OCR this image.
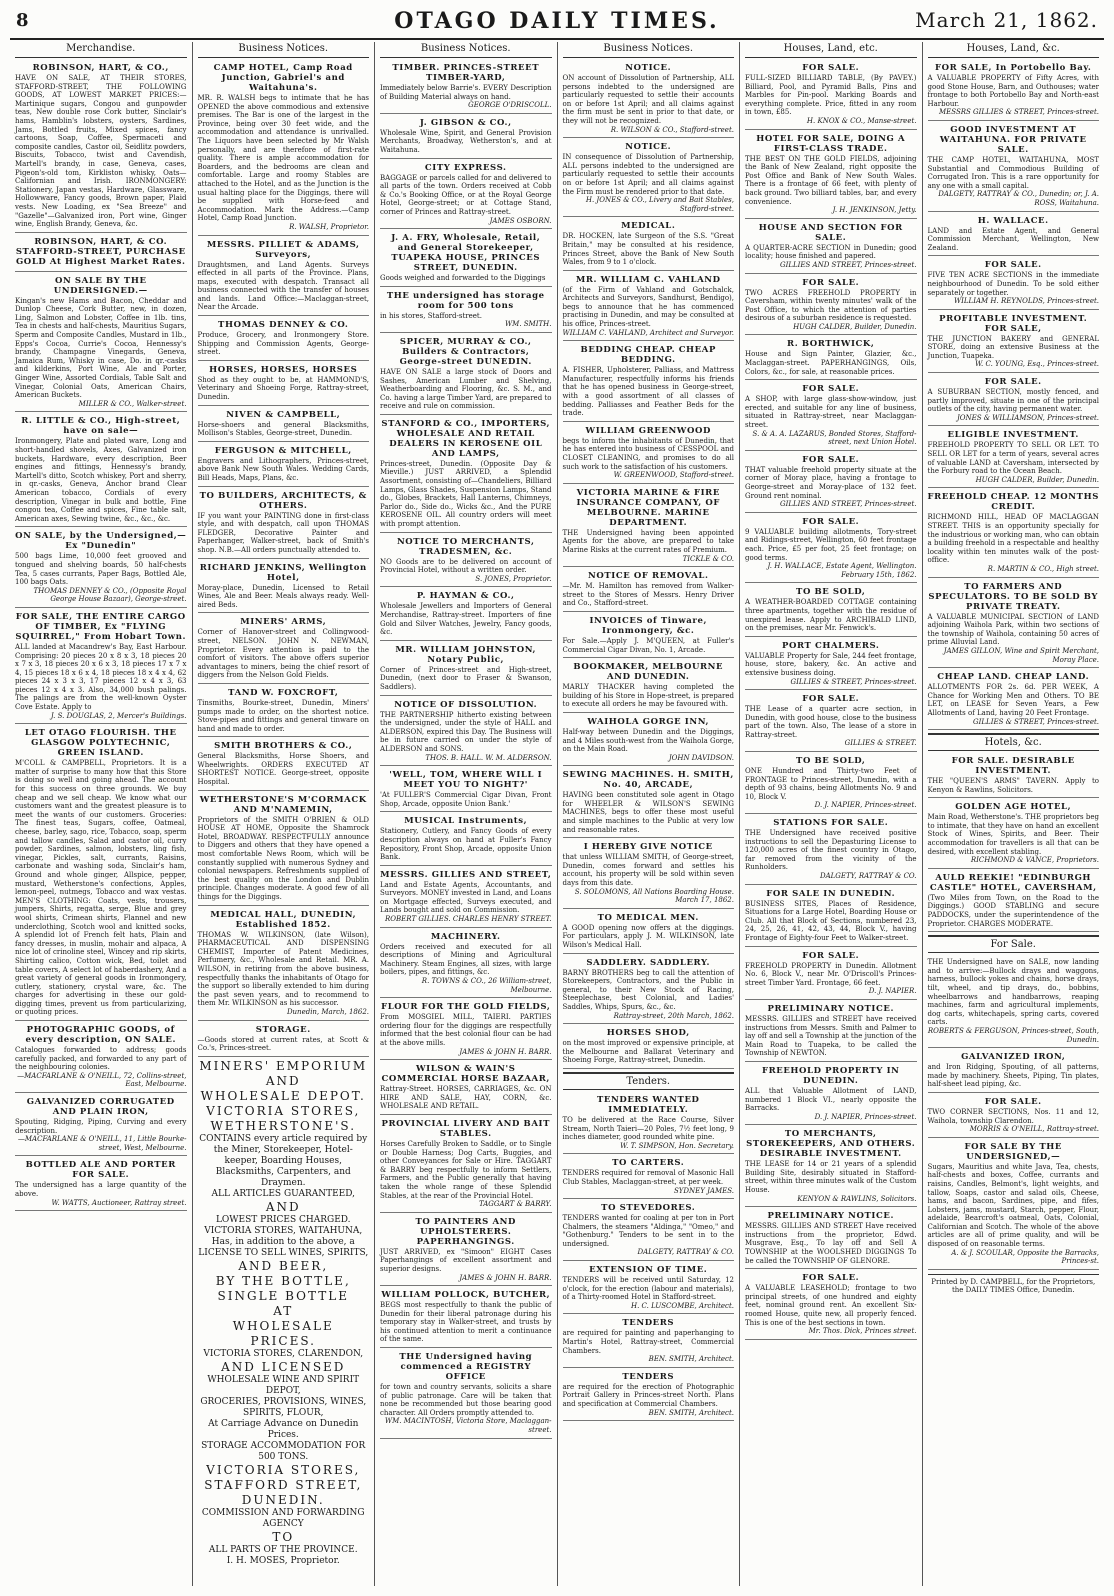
8	OTAGO DAILY TIMES.	March 21, 1862.
Merchandise.
ROBINSON, HART, & CO.,
HAVE ON SALE, AT THEIR STORES, STAFFORD-STREET, THE FOLLOWING GOODS, AT LOWEST MARKET PRICES:— Martinique sugars, Congou and gunpowder teas, New double rose Cork butter, Sinclair's hams, Hamblin's lobsters, oysters, Sardines, Jams, Bottled fruits, Mixed spices, fancy cartoons, Soap, Coffee, Spermaceti and composite candles, Castor oil, Seidlitz powders, Biscuits, Tobacco, twist and Cavendish, Martell's brandy, in case, Geneva, cases, Pigeon's-old tom, Kirkliston whisky, Oats—Californian and Irish. IRONMONGERY: Stationery, Japan vestas, Hardware, Glassware, Hollowware, Fancy goods, Brown paper, Plaid vests. New Loading, ex "Sea Breeze" and "Gazelle"—Galvanized iron, Port wine, Ginger wine, English Brandy, Geneva, &c.
ROBINSON, HART, & CO. STAFFORD-STREET, PURCHASE GOLD At Highest Market Rates.
ON SALE BY THE UNDERSIGNED.—
Kingan's new Hams and Bacon, Cheddar and Dunlop Cheese, Cork Butter, new, in dozen, Ling, Salmon and Lobster, Coffee in 1lb. tins, Tea in chests and half-chests, Mauritius Sugars, Sperm and Composite Candles, Mustard in 1lb., Epps's Cocoa, Currie's Cocoa, Hennessy's brandy, Champagne Vinegards, Geneva, Jamaica Rum, Whisky in case, Do. in qr.-casks and kilderkins, Port Wine, Ale and Porter, Ginger Wine, Assorted Cordials, Table Salt and Vinegar, Colonial Oats, American Chairs, American Buckets.
MILLER & CO., Walker-street.
R. LITTLE & CO., High-street, have on sale—
Ironmongery, Plate and plated ware, Long and short-handled shovels, Axes, Galvanized iron buckets, Hardware, every description, Beer engines and fittings, Hennessy's brandy, Martell's ditto, Scotch whiskey, Port and sherry, in qr.-casks, Geneva, Anchor brand Clear American tobacco, Cordials of every description, Vinegar in bulk and bottle, Fine congou tea, Coffee and spices, Fine table salt, American axes, Sewing twine, &c., &c., &c.
ON SALE, by the Undersigned,—Ex "Dunedin"
500 bags Lime, 10,000 feet grooved and tongued and shelving boards, 50 half-chests Tea, 5 cases currants, Paper Bags, Bottled Ale, 100 bags Oats.
THOMAS DENNEY & CO., (Opposite Royal George House Bazaar), George-street.
FOR SALE, THE ENTIRE CARGO OF TIMBER, Ex "FLYING SQUIRREL," From Hobart Town.
ALL landed at Macandrew's Bay, East Harbour. Comprising: 20 pieces 20 x 8 x 3, 18 pieces 20 x 7 x 3, 18 pieces 20 x 6 x 3, 18 pieces 17 x 7 x 4, 15 pieces 18 x 6 x 4, 18 pieces 18 x 4 x 4, 62 pieces 24 x 3 x 3, 17 pieces 12 x 4 x 3, 63 pieces 12 x 4 x 3. Also, 34,000 bush palings. The palings are from the well-known Oyster Cove Estate. Apply to
J. S. DOUGLAS, 2, Mercer's Buildings.
LET OTAGO FLOURISH. THE GLASGOW POLYTECHNIC, GREEN ISLAND.
M'COLL & CAMPBELL, Proprietors. It is a matter of surprise to many how that this Store is doing so well and going ahead. The account for this success on three grounds. We buy cheap and we sell cheap. We know what our customers want and the greatest pleasure is to meet the wants of our customers. Groceries: The finest teas, Sugars, coffee, Oatmeal, cheese, barley, sago, rice, Tobacco, soap, sperm and tallow candles, Salad and castor oil, curry powder, Sardines, salmon, lobsters, ling fish, vinegar, Pickles, salt, currants, Raisins, carbonate and washing soda, Sinclair's ham, Ground and whole ginger, Allspice, pepper, mustard, Wetherstone's confections, Apples, lemon-peel, nutmegs, Tobacco and wax vestas. MEN'S CLOTHING: Coats, vests, trousers, jumpers, Shirts, regatta, serge, Blue and grey wool shirts, Crimean shirts, Flannel and new underclothing, Scotch wool and knitted socks, A splendid lot of French felt hats, Plain and fancy dresses, in muslin, mohair and alpaca, A nice lot of crinoline steel, Wincey and rip skirts, Shirting calico, Cotton wick, Bed, toilet and table covers, A select lot of haberdashery, And a great variety of general goods in Ironmongery, cutlery, stationery, crystal ware, &c. The charges for advertising in these our gold-digging times, prevent us from particularizing, or quoting prices.
PHOTOGRAPHIC GOODS, of every description, ON SALE.
Catalogues forwarded to address; goods carefully packed, and forwarded to any part of the neighbouring colonies.
—MACFARLANE & O'NEILL, 72, Collins-street, East, Melbourne.
GALVANIZED CORRUGATED AND PLAIN IRON,
Spouting, Ridging, Piping, Curving and every description.
—MACFARLANE & O'NEILL, 11, Little Bourke-street, West, Melbourne.
BOTTLED ALE AND PORTER FOR SALE.
The undersigned has a large quantity of the above.
W. WATTS, Auctioneer, Rattray street.
Business Notices.
CAMP HOTEL, Camp Road Junction, Gabriel's and Waitahuna's.
MR. R. WALSH begs to intimate that he has OPENED the above commodious and extensive premises. The Bar is one of the largest in the Province, being over 30 feet wide, and the accommodation and attendance is unrivalled. The Liquors have been selected by Mr Walsh personally, and are therefore of first-rate quality. There is ample accommodation for Boarders, and the bedrooms are clean and comfortable. Large and roomy Stables are attached to the Hotel, and as the Junction is the usual halting place for the Diggings, there will be supplied with Horse-feed and Accommodation. Mark the Address.—Camp Hotel, Camp Road Junction.
R. WALSH, Proprietor.
MESSRS. PILLIET & ADAMS, Surveyors,
Draughtsmen, and Land Agents. Surveys effected in all parts of the Province. Plans, maps, executed with despatch. Transact all business connected with the transfer of houses and lands. Land Office:—Maclaggan-street, Near the Arcade.
THOMAS DENNEY & CO.
Produce, Grocery, and Ironmongery Store. Shipping and Commission Agents, George-street.
HORSES, HORSES, HORSES
Shod as they ought to be, at HAMMOND'S, Veterinary and Shoeing Forge, Rattray-street, Dunedin.
NIVEN & CAMPBELL,
Horse-shoers and general Blacksmiths, Mollison's Stables, George-street, Dunedin.
FERGUSON & MITCHELL,
Engravers and Lithographers, Princes-street, above Bank New South Wales. Wedding Cards, Bill Heads, Maps, Plans, &c.
TO BUILDERS, ARCHITECTS, & OTHERS.
IF you want your PAINTING done in first-class style, and with despatch, call upon THOMAS FLEDGER, Decorative Painter and Paperhanger, Walker-street, back of Smith's shop. N.B.—All orders punctually attended to.
RICHARD JENKINS, Wellington Hotel,
Moray-place, Dunedin, Licensed to Retail Wines, Ale and Beer. Meals always ready. Well-aired Beds.
MINERS' ARMS,
Corner of Hanover-street and Collingwood-street, NELSON. JOHN N. NEWMAN, Proprietor. Every attention is paid to the comfort of visitors. The above offers superior advantages to miners, being the chief resort of diggers from the Nelson Gold Fields.
TAND W. FOXCROFT,
Tinsmiths, Bourke-street, Dunedin, Miners' pumps made to order, on the shortest notice. Stove-pipes and fittings and general tinware on hand and made to order.
SMITH BROTHERS & CO.,
General Blacksmiths, Horse Shoers, and Wheelwrights. ORDERS EXECUTED AT SHORTEST NOTICE. George-street, opposite Hospital.
WETHERSTONE'S M'CORMACK AND M'NAMEMIN,
Proprietors of the SMITH O'BRIEN & OLD HOUSE AT HOME, Opposite the Shamrock Hotel, BROADWAY. RESPECTFULLY announce to Diggers and others that they have opened a most comfortable News Room, which will be constantly supplied with numerous Sydney and colonial newspapers. Refreshments supplied of the best quality on the London and Dublin principle. Changes moderate. A good few of all things for the Diggings.
MEDICAL HALL, DUNEDIN, Established 1852.
THOMAS W. WILKINSON, (late Wilson), PHARMACEUTICAL AND DISPENSING CHEMIST, Importer of Patent Medicines, Perfumery, &c., Wholesale and Retail. MR. A. WILSON, in retiring from the above business, respectfully thanks the inhabitants of Otago for the support so liberally extended to him during the past seven years, and to recommend to them Mr. WILKINSON as his successor.
Dunedin, March, 1862.
STORAGE.
—Goods stored at current rates, at Scott & Co.'s, Princes-street.
MINERS' EMPORIUM
AND
WHOLESALE DEPOT.
VICTORIA STORES,
WETHERSTONE'S.
CONTAINS every article required by the Miner, Storekeeper, Hotel-keeper, Boarding Houses, Blacksmiths, Carpenters, and Draymen.
ALL ARTICLES GUARANTEED,
AND
LOWEST PRICES CHARGED.
VICTORIA STORES, WAITAHUNA,
Has, in addition to the above, a
LICENSE TO SELL WINES, SPIRITS,
AND BEER,
BY THE BOTTLE,
SINGLE BOTTLE
AT
WHOLESALE PRICES.
VICTORIA STORES, CLARENDON,
AND LICENSED
WHOLESALE WINE AND SPIRIT DEPOT,
GROCERIES, PROVISIONS, WINES, SPIRITS, FLOUR,
At Carriage Advance on Dunedin Prices.
STORAGE ACCOMMODATION FOR 500 TONS.
VICTORIA STORES,
STAFFORD STREET,
DUNEDIN.
COMMISSION AND FORWARDING AGENCY
TO
ALL PARTS OF THE PROVINCE.
I. H. MOSES, Proprietor.
Business Notices.
TIMBER. PRINCES-STREET TIMBER-YARD,
Immediately below Barrie's. EVERY Description of Building Material always on hand.
GEORGE O'DRISCOLL.
J. GIBSON & CO.,
Wholesale Wine, Spirit, and General Provision Merchants, Broadway, Wetherston's, and at Waitahuna.
CITY EXPRESS.
BAGGAGE or parcels called for and delivered to all parts of the town. Orders received at Cobb & Co.'s Booking Office, or at the Royal George Hotel, George-street; or at Cottage Stand, corner of Princes and Rattray-street.
JAMES OSBORN.
J. A. FRY, Wholesale, Retail, and General Storekeeper, TUAPEKA HOUSE, PRINCES STREET, DUNEDIN.
Goods weighed and forwarded to the Diggings
THE undersigned has storage room for 500 tons
in his stores, Stafford-street.
WM. SMITH.
SPICER, MURRAY & CO., Builders & Contractors, George-street DUNEDIN.
HAVE ON SALE a large stock of Doors and Sashes, American Lumber and Shelving, Weatherboarding and Flooring, &c. S. M., and Co. having a large Timber Yard, are prepared to receive and rule on commission.
STANFORD & CO., IMPORTERS, WHOLESALE AND RETAIL DEALERS IN KEROSENE OIL AND LAMPS,
Princes-street, Dunedin. (Opposite Day & Mieville.) JUST ARRIVED, a Splendid Assortment, consisting of—Chandeliers, Billiard Lamps, Glass Shades, Suspension Lamps, Stand do., Globes, Brackets, Hall Lanterns, Chimneys, Parlor do., Side do., Wicks &c., And the PURE KEROSENE OIL. All country orders will meet with prompt attention.
NOTICE TO MERCHANTS, TRADESMEN, &c.
NO Goods are to be delivered on account of Provincial Hotel, without a written order.
S. JONES, Proprietor.
P. HAYMAN & CO.,
Wholesale Jewellers and Importers of General Merchandise, Rattray-street. Importers of fine Gold and Silver Watches, Jewelry, Fancy goods, &c.
MR. WILLIAM JOHNSTON, Notary Public,
Corner of Princes-street and High-street, Dunedin, (next door to Fraser & Swanson, Saddlers).
NOTICE OF DISSOLUTION.
THE PARTNERSHIP hitherto existing between the undersigned, under the style of HALL and ALDERSON, expired this Day. The Business will be in future carried on under the style of ALDERSON and SONS.
THOS. B. HALL. W. M. ALDERSON.
'WELL, TOM, WHERE WILL I MEET YOU TO NIGHT?'
'At FULLER'S Commercial Cigar Divan, Front Shop, Arcade, opposite Union Bank.'
MUSICAL Instruments,
Stationery, Cutlery, and Fancy Goods of every description always on hand at Fuller's Fancy Repository, Front Shop, Arcade, opposite Union Bank.
MESSRS. GILLIES AND STREET,
Land and Estate Agents, Accountants, and Surveyors. MONEY invested in Land, and Loans on Mortgage effected, Surveys executed, and Lands bought and sold on Commission.
ROBERT GILLIES. CHARLES HENRY STREET.
MACHINERY.
Orders received and executed for all descriptions of Mining and Agricultural Machinery. Steam Engines, all sizes, with large boilers, pipes, and fittings, &c.
R. TOWNS & CO., 26 William-street, Melbourne.
FLOUR FOR THE GOLD FIELDS,
From MOSGIEL MILL, TAIERI. PARTIES ordering flour for the diggings are respectfully informed that the best colonial flour can be had at the above mills.
JAMES & JOHN H. BARR.
WILSON & WAIN'S COMMERCIAL HORSE BAZAAR,
Rattray-Street. HORSES, CARRIAGES, &c. ON HIRE AND SALE, HAY, CORN, &c. WHOLESALE AND RETAIL.
PROVINCIAL LIVERY AND BAIT STABLES.
Horses Carefully Broken to Saddle, or to Single or Double Harness; Dog Carts, Buggies, and other Conveyances for Sale or Hire. TAGGART & BARRY beg respectfully to inform Settlers, Farmers, and the Public generally that having taken the whole range of these Splendid Stables, at the rear of the Provincial Hotel.
TAGGART & BARRY.
TO PAINTERS AND UPHOLSTERERS. PAPERHANGINGS.
JUST ARRIVED, ex "Simoon" EIGHT Cases Paperhangings of excellent assortment and superior designs.
JAMES & JOHN H. BARR.
WILLIAM POLLOCK, BUTCHER,
BEGS most respectfully to thank the public of Dunedin for their liberal patronage during his temporary stay in Walker-street, and trusts by his continued attention to merit a continuance of the same.
THE Undersigned having commenced a REGISTRY OFFICE
for town and country servants, solicits a share of public patronage. Care will be taken that none be recommended but those bearing good character. All Orders promptly attended to.
WM. MACINTOSH, Victoria Store, Maclaggan-street.
Business Notices.
NOTICE.
ON account of Dissolution of Partnership, ALL persons indebted to the undersigned are particularly requested to settle their accounts on or before 1st April; and all claims against the firm must be sent in prior to that date, or they will not be recognized.
R. WILSON & CO., Stafford-street.
NOTICE.
IN consequence of Dissolution of Partnership, ALL persons indebted to the undersigned are particularly requested to settle their accounts on or before 1st April; and all claims against the Firm must be rendered prior to that date.
H. JONES & CO., Livery and Bait Stables, Stafford-street.
MEDICAL.
DR. HOCKEN, late Surgeon of the S.S. "Great Britain," may be consulted at his residence, Princes Street, above the Bank of New South Wales, from 9 to 1 o'clock.
MR. WILLIAM C. VAHLAND
(of the Firm of Vahland and Gotschalck, Architects and Surveyors, Sandhurst, Bendigo), begs to announce that he has commenced practising in Dunedin, and may be consulted at his office, Princes-street.
WILLIAM C. VAHLAND, Architect and Surveyor.
BEDDING CHEAP. CHEAP BEDDING.
A. FISHER, Upholsterer, Palliass, and Mattress Manufacturer, respectfully informs his friends that he has opened business in George-street, with a good assortment of all classes of bedding. Palliasses and Feather Beds for the trade.
WILLIAM GREENWOOD
begs to inform the inhabitants of Dunedin, that he has entered into business of CESSPOOL and CLOSET CLEANING, and promises to do all such work to the satisfaction of his customers.
W. GREENWOOD, Stafford-street.
VICTORIA MARINE & FIRE INSURANCE COMPANY, OF MELBOURNE. MARINE DEPARTMENT.
THE Undersigned having been appointed Agents for the above, are prepared to take Marine Risks at the current rates of Premium.
TICKLE & CO.
NOTICE OF REMOVAL.
—Mr. M. Hamilton has removed from Walker-street to the Stores of Messrs. Henry Driver and Co., Stafford-street.
INVOICES of Tinware, Ironmongery, &c.
For Sale.—Apply J. M'QUEEN, at Fuller's Commercial Cigar Divan, No. 1, Arcade.
BOOKMAKER, MELBOURNE AND DUNEDIN.
MARLY THACKER having completed the building of his Store in Hope-street, is prepared to execute all orders he may be favoured with.
WAIHOLA GORGE INN,
Half-way between Dunedin and the Diggings, and 4 Miles south-west from the Waihola Gorge, on the Main Road.
JOHN DAVIDSON.
SEWING MACHINES. H. SMITH, No. 40, ARCADE,
HAVING been constituted sole agent in Otago for WHEELER & WILSON'S SEWING MACHINES, begs to offer these most useful and simple machines to the Public at very low and reasonable rates.
I HEREBY GIVE NOTICE
that unless WILLIAM SMITH, of George-street, Dunedin, comes forward and settles his account, his property will be sold within seven days from this date.
S. SOLOMONS, All Nations Boarding House. March 17, 1862.
TO MEDICAL MEN.
A GOOD opening now offers at the diggings. For particulars, apply J. M. WILKINSON, late Wilson's Medical Hall.
SADDLERY. SADDLERY.
BARNY BROTHERS beg to call the attention of Storekeepers, Contractors, and the Public in general, to their New Stock of Racing, Steeplechase, best Colonial, and Ladies' Saddles, Whips, Spurs, &c., &c.
Rattray-street, 20th March, 1862.
HORSES SHOD,
on the most improved or expensive principle, at the Melbourne and Ballarat Veterinary and Shoeing Forge, Rattray-street, Dunedin.
Tenders.
TENDERS WANTED IMMEDIATELY.
TO be delivered at the Race Course, Silver Stream, North Taieri—20 Poles, 7½ feet long, 9 inches diameter, good rounded white pine.
W. T. SIMPSON, Hon. Secretary.
TO CARTERS.
TENDERS required for removal of Masonic Hall Club Stables, Maclaggan-street, at per week.
SYDNEY JAMES.
TO STEVEDORES.
TENDERS wanted for coaling at per ton in Port Chalmers, the steamers "Aldinga," "Omeo," and "Gothenburg." Tenders to be sent in to the undersigned.
DALGETY, RATTRAY & CO.
EXTENSION OF TIME.
TENDERS will be received until Saturday, 12 o'clock, for the erection (labour and materials), of a Thirty-roomed Hotel in Stafford-street.
H. C. LUSCOMBE, Architect.
TENDERS
are required for painting and paperhanging to Martin's Hotel, Rattray-street, Commercial Chambers.
BEN. SMITH, Architect.
TENDERS
are required for the erection of Photographic Portrait Gallery in Princes-street North. Plans and specification at Commercial Chambers.
BEN. SMITH, Architect.
Houses, Land, etc.
FOR SALE.
FULL-SIZED BILLIARD TABLE, (By PAVEY.) Billiard, Pool, and Pyramid Balls, Pins and Marbles for Pin-pool. Marking Boards and everything complete. Price, fitted in any room in town, £85.
H. KNOX & CO., Manse-street.
HOTEL FOR SALE, DOING A FIRST-CLASS TRADE.
THE BEST ON THE GOLD FIELDS, adjoining the Bank of New Zealand, right opposite the Post Office and Bank of New South Wales. There is a frontage of 66 feet, with plenty of back ground. Two billiard tables, bar, and every convenience.
J. H. JENKINSON, Jetty.
HOUSE AND SECTION FOR SALE.
A QUARTER-ACRE SECTION in Dunedin; good locality; house finished and papered.
GILLIES AND STREET, Princes-street.
FOR SALE.
TWO ACRES FREEHOLD PROPERTY in Caversham, within twenty minutes' walk of the Post Office, to which the attention of parties desirous of a suburban residence is requested.
HUGH CALDER, Builder, Dunedin.
R. BORTHWICK,
House and Sign Painter, Glazier, &c., Maclaggan-street. PAPERHANGINGS, Oils, Colors, &c., for sale, at reasonable prices.
FOR SALE.
A SHOP, with large glass-show-window, just erected, and suitable for any line of business, situated in Rattray-street, near Maclaggan-street.
S. & A. A. LAZARUS, Bonded Stores, Stafford-street, next Union Hotel.
FOR SALE.
THAT valuable freehold property situate at the corner of Moray place, having a frontage to George-street and Moray-place of 132 feet. Ground rent nominal.
GILLIES AND STREET, Princes-street.
FOR SALE.
9 VALUABLE building allotments, Tory-street and Ridings-street, Wellington, 60 feet frontage each. Price, £5 per foot, 25 feet frontage; on good terms.
J. H. WALLACE, Estate Agent, Wellington. February 15th, 1862.
TO BE SOLD,
A WEATHER-BOARDED COTTAGE containing three apartments, together with the residue of unexpired lease. Apply to ARCHIBALD LIND, on the premises, near Mr. Fenwick's.
PORT CHALMERS.
VALUABLE Property for Sale, 244 feet frontage, house, store, bakery, &c. An active and extensive business doing.
GILLIES & STREET, Princes-street.
FOR SALE.
THE Lease of a quarter acre section, in Dunedin, with good house, close to the business part of the town. Also, The lease of a store in Rattray-street.
GILLIES & STREET.
TO BE SOLD,
ONE Hundred and Thirty-two Feet of FRONTAGE to Princes-street, Dunedin, with a depth of 93 chains, being Allotments No. 9 and 10, Block V.
D. J. NAPIER, Princes-street.
STATIONS FOR SALE.
THE Undersigned have received positive instructions to sell the Depasturing License to 120,000 acres of the finest country in Otago, far removed from the vicinity of the Runholders.
DALGETY, RATTRAY & CO.
FOR SALE IN DUNEDIN.
BUSINESS SITES, Places of Residence, Situations for a Large Hotel, Boarding House or Club. All that Block of Sections, numbered 23, 24, 25, 26, 41, 42, 43, 44, Block V., having Frontage of Eighty-four Feet to Walker-street.
FOR SALE.
FREEHOLD PROPERTY in Dunedin. Allotment No. 6, Block V., near Mr. O'Driscoll's Princes-street Timber Yard. Frontage, 66 feet.
D. J. NAPIER.
PRELIMINARY NOTICE.
MESSRS. GILLIES and STREET have received instructions from Messrs. Smith and Palmer to lay off and sell a Township at the junction of the Main Road to Tuapeka, to be called the Township of NEWTON.
FREEHOLD PROPERTY IN DUNEDIN.
ALL that Valuable Allotment of LAND, numbered 1 Block VI., nearly opposite the Barracks.
D. J. NAPIER, Princes-street.
TO MERCHANTS, STOREKEEPERS, AND OTHERS. DESIRABLE INVESTMENT.
THE LEASE for 14 or 21 years of a splendid Building Site, desirably situated in Stafford-street, within three minutes walk of the Custom House.
KENYON & RAWLINS, Solicitors.
PRELIMINARY NOTICE.
MESSRS. GILLIES AND STREET Have received instructions from the proprietor, Edwd. Musgrave, Esq., To lay off and Sell A TOWNSHIP at the WOOLSHED DIGGINGS To be called the TOWNSHIP OF GLENORE.
FOR SALE.
A VALUABLE LEASEHOLD; frontage to two principal streets, of one hundred and eighty feet, nominal ground rent. An excellent Six-roomed House, quite new, all properly fenced. This is one of the best sections in town.
Mr. Thos. Dick, Princes street.
Houses, Land, &c.
FOR SALE, In Portobello Bay.
A VALUABLE PROPERTY of Fifty Acres, with good Stone House, Barn, and Outhouses; water frontage to both Portobello Bay and North-east Harbour.
MESSRS GILLIES & STREET, Princes-street.
GOOD INVESTMENT AT WAITAHUNA. FOR PRIVATE SALE.
THE CAMP HOTEL, WAITAHUNA, MOST Substantial and Commodious Building of Corrugated Iron. This is a rare opportunity for any one with a small capital.
DALGETY, RATTRAY & CO., Dunedin; or, J. A. ROSS, Waitahuna.
H. WALLACE.
LAND and Estate Agent, and General Commission Merchant, Wellington, New Zealand.
FOR SALE.
FIVE TEN ACRE SECTIONS in the immediate neighbourhood of Dunedin. To be sold either separately or together.
WILLIAM H. REYNOLDS, Princes-street.
PROFITABLE INVESTMENT. FOR SALE,
THE JUNCTION BAKERY and GENERAL STORE, doing an extensive Business at the Junction, Tuapeka.
W. C. YOUNG, Esq., Princes-street.
FOR SALE.
A SUBURBAN SECTION, mostly fenced, and partly improved, situate in one of the principal outlets of the city, having permanent water.
JONES & WILLIAMSON, Princes-street.
ELIGIBLE INVESTMENT.
FREEHOLD PROPERTY TO SELL OR LET. TO SELL OR LET for a term of years, several acres of valuable LAND at Caversham, intersected by the Forbury road to the Ocean Beach.
HUGH CALDER, Builder, Dunedin.
FREEHOLD CHEAP. 12 MONTHS CREDIT.
RICHMOND HILL, HEAD OF MACLAGGAN STREET. THIS is an opportunity specially for the industrious or working man, who can obtain a building freehold in a respectable and healthy locality within ten minutes walk of the post-office.
R. MARTIN & CO., High street.
TO FARMERS AND SPECULATORS. TO BE SOLD BY PRIVATE TREATY.
A VALUABLE MUNICIPAL SECTION of LAND adjoining Waihola Park, within two sections of the township of Waihola, containing 50 acres of prime Alluvial Land.
JAMES GILLON, Wine and Spirit Merchant, Moray Place.
CHEAP LAND. CHEAP LAND.
ALLOTMENTS FOR 2s. 6d. PER WEEK, A Chance for Working Men and Others. TO BE LET, on LEASE for Seven Years, a Few Allotments of Land, having 20 Feet Frontage.
GILLIES & STREET, Princes-street.
Hotels, &c.
FOR SALE. DESIRABLE INVESTMENT.
THE "QUEEN'S ARMS" TAVERN. Apply to Kenyon & Rawlins, Solicitors.
GOLDEN AGE HOTEL,
Main Road, Wetherstone's. THE proprietors beg to intimate, that they have on hand an excellent Stock of Wines, Spirits, and Beer. Their accommodation for travellers is all that can be desired, with excellent stabling.
RICHMOND & VANCE, Proprietors.
AULD REEKIE! "EDINBURGH CASTLE" HOTEL, CAVERSHAM,
(Two Miles from Town, on the Road to the Diggings.) GOOD STABLING and secure PADDOCKS, under the superintendence of the Proprietor. CHARGES MODERATE.
For Sale.
THE Undersigned have on SALE, now landing and to arrive:—Bullock drays and waggons, harness, bullock yokes and chains, horse drays, tilt, wheel, and tip drays, do., bobbins, wheelbarrows and handbarrows, reaping machines, farm and agricultural implements, dog carts, whitechapels, spring carts, covered carts.
ROBERTS & FERGUSON, Princes-street, South, Dunedin.
GALVANIZED IRON,
and Iron Ridging, Spouting, of all patterns, made by machinery. Sheets, Piping, Tin plates, half-sheet lead piping, &c.
FOR SALE.
TWO CORNER SECTIONS, Nos. 11 and 12, Waihola, township Clarendon.
MORRIS & O'NEILL, Rattray-street.
FOR SALE BY THE UNDERSIGNED,—
Sugars, Mauritius and white Java, Tea, chests, half-chests and boxes, Coffee, currants and raisins, Candles, Belmont's, light weights, and tallow, Soaps, castor and salad oils, Cheese, hams, and bacon, Sardines, pipe, and fifes, Lobsters, jams, mustard, Starch, pepper, Flour, adelaide, Bearcroft's oatmeal, Oats, Colonial, Californian and Scotch. The whole of the above articles are all of prime quality, and will be disposed of on reasonable terms.
A. & J. SCOULAR, Opposite the Barracks, Princes-st.
Printed by D. CAMPBELL, for the Proprietors, the DAILY TIMES Office, Dunedin.
